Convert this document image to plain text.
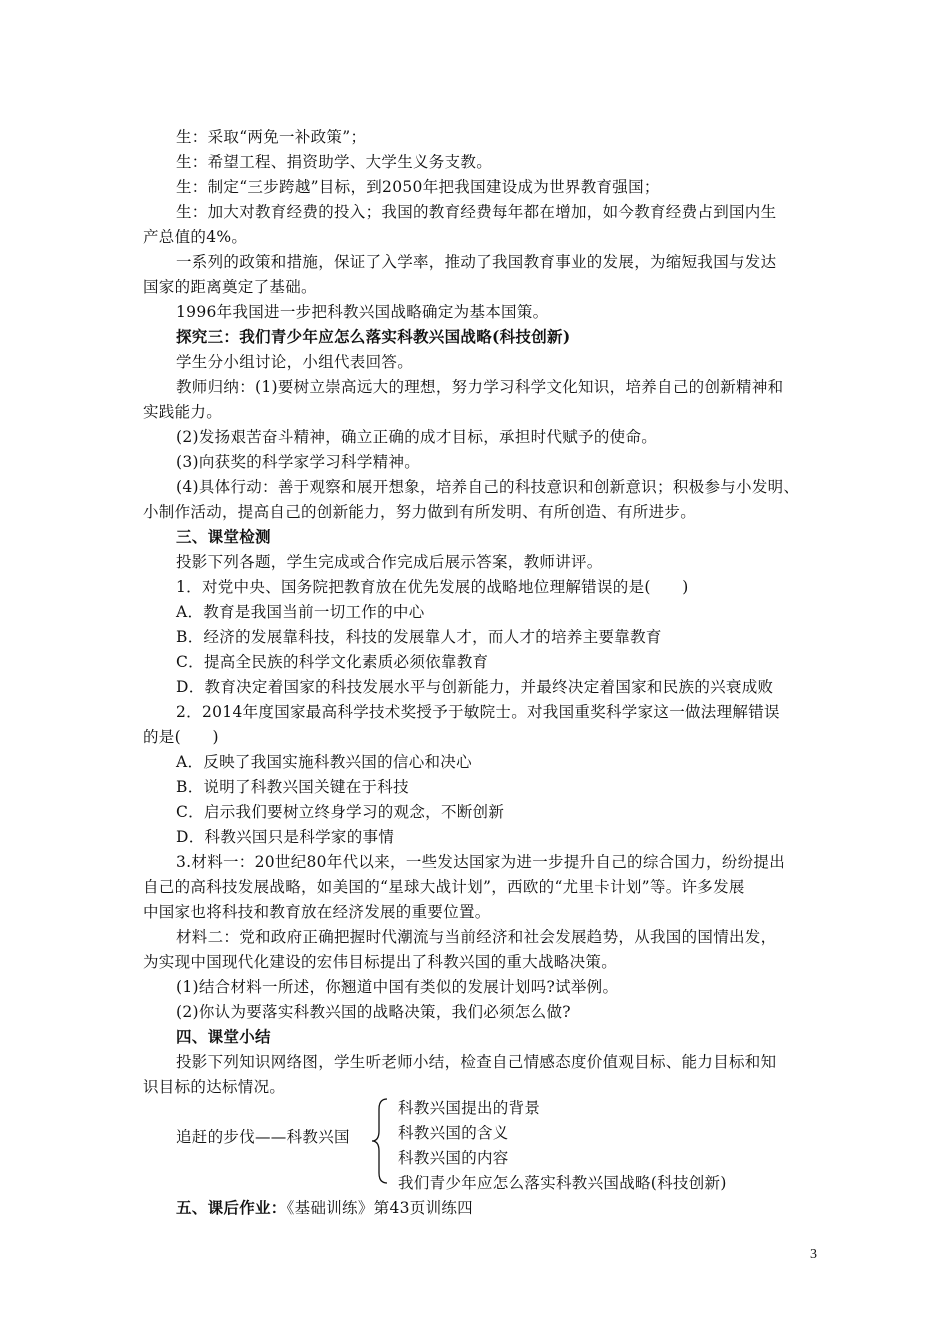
生：采取“两免一补政策”；
生：希望工程、捐资助学、大学生义务支教。
生：制定“三步跨越”目标，到2050年把我国建设成为世界教育强国；
生：加大对教育经费的投入；我国的教育经费每年都在增加，如今教育经费占到国内生
产总值的4%。
一系列的政策和措施，保证了入学率，推动了我国教育事业的发展，为缩短我国与发达
国家的距离奠定了基础。
1996年我国进一步把科教兴国战略确定为基本国策。
探究三：我们青少年应怎么落实科教兴国战略(科技创新)
学生分小组讨论，小组代表回答。
教师归纳：(1)要树立崇高远大的理想，努力学习科学文化知识，培养自己的创新精神和
实践能力。
(2)发扬艰苦奋斗精神，确立正确的成才目标，承担时代赋予的使命。
(3)向获奖的科学家学习科学精神。
(4)具体行动：善于观察和展开想象，培养自己的科技意识和创新意识；积极参与小发明、
小制作活动，提高自己的创新能力，努力做到有所发明、有所创造、有所进步。
三、课堂检测
投影下列各题，学生完成或合作完成后展示答案，教师讲评。
1．对党中央、国务院把教育放在优先发展的战略地位理解错误的是(　　)
A．教育是我国当前一切工作的中心
B．经济的发展靠科技，科技的发展靠人才，而人才的培养主要靠教育
C．提高全民族的科学文化素质必须依靠教育
D．教育决定着国家的科技发展水平与创新能力，并最终决定着国家和民族的兴衰成败
2．2014年度国家最高科学技术奖授予于敏院士。对我国重奖科学家这一做法理解错误
的是(　　)
A．反映了我国实施科教兴国的信心和决心
B．说明了科教兴国关键在于科技
C．启示我们要树立终身学习的观念，不断创新
D．科教兴国只是科学家的事情
3.材料一：20世纪80年代以来，一些发达国家为进一步提升自己的综合国力，纷纷提出
自己的高科技发展战略，如美国的“星球大战计划”，西欧的“尤里卡计划”等。许多发展
中国家也将科技和教育放在经济发展的重要位置。
材料二：党和政府正确把握时代潮流与当前经济和社会发展趋势，从我国的国情出发，
为实现中国现代化建设的宏伟目标提出了科教兴国的重大战略决策。
(1)结合材料一所述，你翘道中国有类似的发展计划吗?试举例。
(2)你认为要落实科教兴国的战略决策，我们必须怎么做?
四、课堂小结
投影下列知识网络图，学生听老师小结，检查自己情感态度价值观目标、能力目标和知
识目标的达标情况。
追赶的步伐——科教兴国
科教兴国提出的背景
科教兴国的含义
科教兴国的内容
我们青少年应怎么落实科教兴国战略(科技创新)
五、课后作业：《基础训练》第43页训练四
3
